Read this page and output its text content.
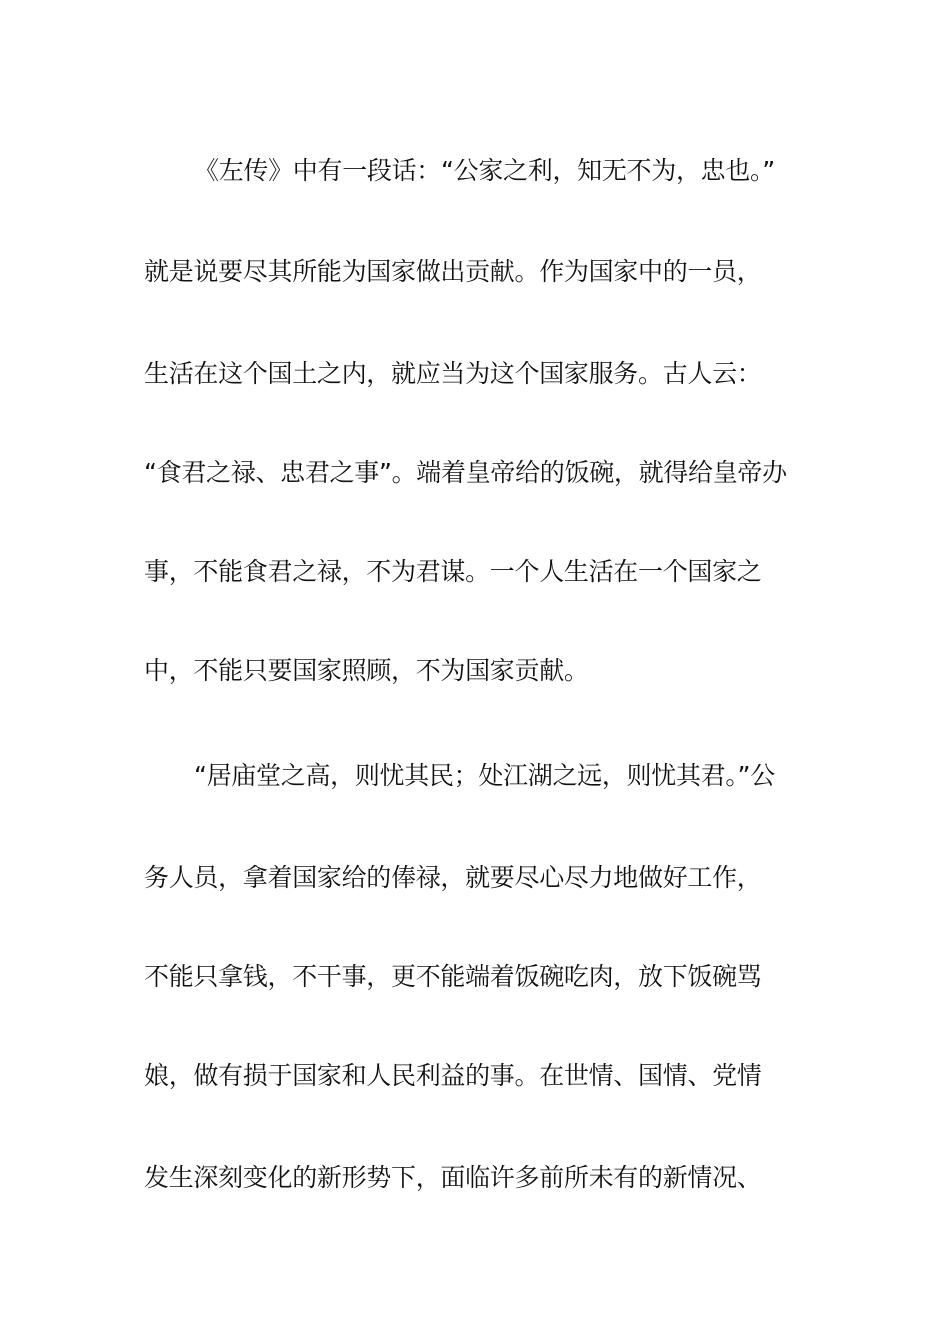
《左传》中有一段话：“公家之利，知无不为，忠也。”
就是说要尽其所能为国家做出贡献。作为国家中的一员，
生活在这个国土之内，就应当为这个国家服务。古人云：
“食君之禄、忠君之事”。端着皇帝给的饭碗，就得给皇帝办
事，不能食君之禄，不为君谋。一个人生活在一个国家之
中，不能只要国家照顾，不为国家贡献。
“居庙堂之高，则忧其民；处江湖之远，则忧其君。”公
务人员，拿着国家给的俸禄，就要尽心尽力地做好工作，
不能只拿钱，不干事，更不能端着饭碗吃肉，放下饭碗骂
娘，做有损于国家和人民利益的事。在世情、国情、党情
发生深刻变化的新形势下，面临许多前所未有的新情况、
